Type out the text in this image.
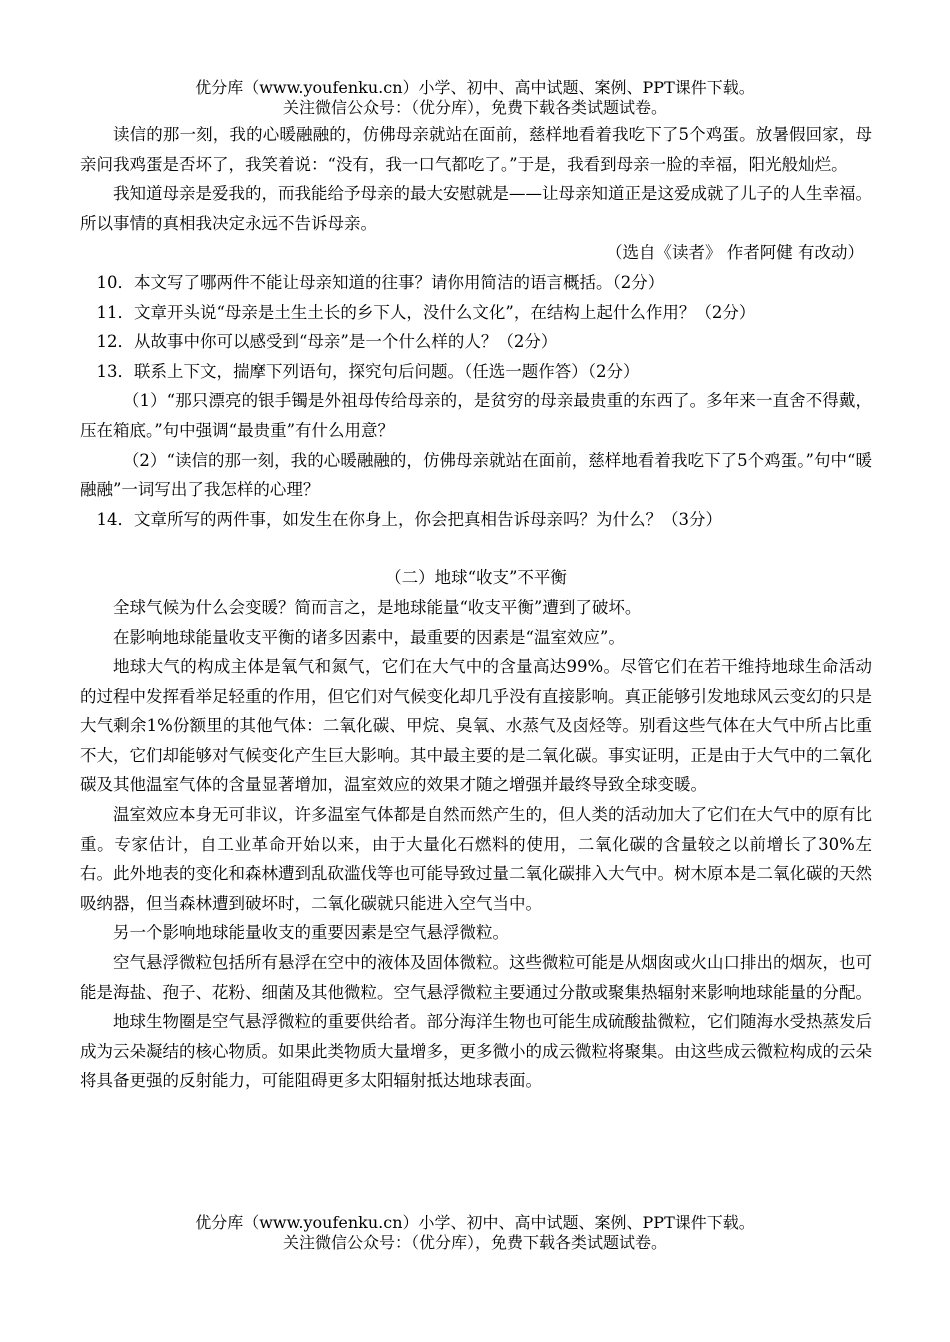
优分库（www.youfenku.cn）小学、初中、高中试题、案例、PPT课件下载。
关注微信公众号：（优分库），免费下载各类试题试卷。

读信的那一刻，我的心暖融融的，仿佛母亲就站在面前，慈样地看着我吃下了5个鸡蛋。放暑假回家，母亲问我鸡蛋是否坏了，我笑着说：“没有，我一口气都吃了。”于是，我看到母亲一脸的幸福，阳光般灿烂。

我知道母亲是爱我的，而我能给予母亲的最大安慰就是——让母亲知道正是这爱成就了儿子的人生幸福。所以事情的真相我决定永远不告诉母亲。

（选自《读者》 作者阿健 有改动）

10．本文写了哪两件不能让母亲知道的往事？请你用简洁的语言概括。（2分）

11．文章开头说“母亲是土生土长的乡下人，没什么文化”，在结构上起什么作用？（2分）

12．从故事中你可以感受到“母亲”是一个什么样的人？（2分）

13．联系上下文，揣摩下列语句，探究句后问题。（任选一题作答）（2分）

（1）“那只漂亮的银手镯是外祖母传给母亲的，是贫穷的母亲最贵重的东西了。多年来一直舍不得戴，压在箱底。”句中强调“最贵重”有什么用意？

（2）“读信的那一刻，我的心暖融融的，仿佛母亲就站在面前，慈样地看着我吃下了5个鸡蛋。”句中“暖融融”一词写出了我怎样的心理？

14．文章所写的两件事，如发生在你身上，你会把真相告诉母亲吗？为什么？（3分）

（二）地球“收支”不平衡

全球气候为什么会变暖？简而言之，是地球能量“收支平衡”遭到了破坏。

在影响地球能量收支平衡的诸多因素中，最重要的因素是“温室效应”。

地球大气的构成主体是氧气和氮气，它们在大气中的含量高达99%。尽管它们在若干维持地球生命活动的过程中发挥看举足轻重的作用，但它们对气候变化却几乎没有直接影响。真正能够引发地球风云变幻的只是大气剩余1%份额里的其他气体：二氧化碳、甲烷、臭氧、水蒸气及卤烃等。别看这些气体在大气中所占比重不大，它们却能够对气候变化产生巨大影响。其中最主要的是二氧化碳。事实证明，正是由于大气中的二氧化碳及其他温室气体的含量显著增加，温室效应的效果才随之增强并最终导致全球变暖。

温室效应本身无可非议，许多温室气体都是自然而然产生的，但人类的活动加大了它们在大气中的原有比重。专家估计，自工业革命开始以来，由于大量化石燃料的使用，二氧化碳的含量较之以前增长了30%左右。此外地表的变化和森林遭到乱砍滥伐等也可能导致过量二氧化碳排入大气中。树木原本是二氧化碳的天然吸纳器，但当森林遭到破坏时，二氧化碳就只能进入空气当中。

另一个影响地球能量收支的重要因素是空气悬浮微粒。

空气悬浮微粒包括所有悬浮在空中的液体及固体微粒。这些微粒可能是从烟囱或火山口排出的烟灰，也可能是海盐、孢子、花粉、细菌及其他微粒。空气悬浮微粒主要通过分散或聚集热辐射来影响地球能量的分配。

地球生物圈是空气悬浮微粒的重要供给者。部分海洋生物也可能生成硫酸盐微粒，它们随海水受热蒸发后成为云朵凝结的核心物质。如果此类物质大量增多，更多微小的成云微粒将聚集。由这些成云微粒构成的云朵将具备更强的反射能力，可能阻碍更多太阳辐射抵达地球表面。

优分库（www.youfenku.cn）小学、初中、高中试题、案例、PPT课件下载。
关注微信公众号：（优分库），免费下载各类试题试卷。
